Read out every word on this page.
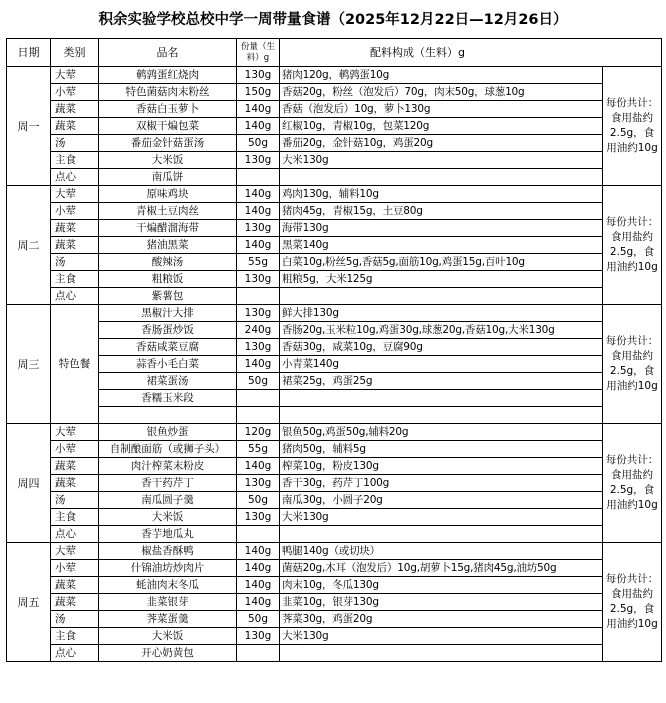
积余实验学校总校中学一周带量食谱（2025年12月22日—12月26日）
日期	类别	品名	份量（生料）g	配料构成（生料）g	
周一	大荤	鹌鹑蛋红烧肉	130g	猪肉120g，鹌鹑蛋10g	每份共计：食用盐约2.5g，食用油约10g
	小荤	特色菌菇肉末粉丝	150g	香菇20g，粉丝（泡发后）70g，肉末50g，球葱10g	
	蔬菜	香菇白玉萝卜	140g	香菇（泡发后）10g，萝卜130g	
	蔬菜	双椒干煸包菜	140g	红椒10g，青椒10g，包菜120g	
	汤	番茄金针菇蛋汤	50g	番茄20g，金针菇10g，鸡蛋20g	
	主食	大米饭	130g	大米130g	
	点心	南瓜饼			
周二	大荤	原味鸡块	140g	鸡肉130g，辅料10g	每份共计：食用盐约2.5g，食用油约10g
	小荤	青椒土豆肉丝	140g	猪肉45g，青椒15g，土豆80g	
	蔬菜	干煸醋溜海带	130g	海带130g	
	蔬菜	猪油黑菜	140g	黑菜140g	
	汤	酸辣汤	55g	白菜10g,粉丝5g,香菇5g,面筋10g,鸡蛋15g,百叶10g	
	主食	粗粮饭	130g	粗粮5g，大米125g	
	点心	紫薯包			
周三	特色餐	黑椒汁大排	130g	鲜大排130g	每份共计：食用盐约2.5g，食用油约10g
		香肠蛋炒饭	240g	香肠20g,玉米粒10g,鸡蛋30g,球葱20g,香菇10g,大米130g	
		香菇咸菜豆腐	130g	香菇30g，咸菜10g，豆腐90g	
		蒜香小毛白菜	140g	小青菜140g	
		裙菜蛋汤	50g	裙菜25g，鸡蛋25g	
		香糯玉米段			

周四	大荤	银鱼炒蛋	120g	银鱼50g,鸡蛋50g,辅料20g	每份共计：食用盐约2.5g，食用油约10g
	小荤	自制酿面筋（或狮子头）	55g	猪肉50g，辅料5g	
	蔬菜	肉汁榨菜末粉皮	140g	榨菜10g，粉皮130g	
	蔬菜	香干药芹丁	130g	香干30g，药芹丁100g	
	汤	南瓜圆子羹	50g	南瓜30g，小圆子20g	
	主食	大米饭	130g	大米130g	
	点心	香芋地瓜丸			
周五	大荤	椒盐香酥鸭	140g	鸭腿140g（或切块）	每份共计：食用盐约2.5g，食用油约10g
	小荤	什锦油坊炒肉片	140g	菌菇20g,木耳（泡发后）10g,胡萝卜15g,猪肉45g,油坊50g	
	蔬菜	蚝油肉末冬瓜	140g	肉末10g，冬瓜130g	
	蔬菜	韭菜银芽	140g	韭菜10g，银芽130g	
	汤	荠菜蛋羹	50g	荠菜30g，鸡蛋20g	
	主食	大米饭	130g	大米130g	
	点心	开心奶黄包			
